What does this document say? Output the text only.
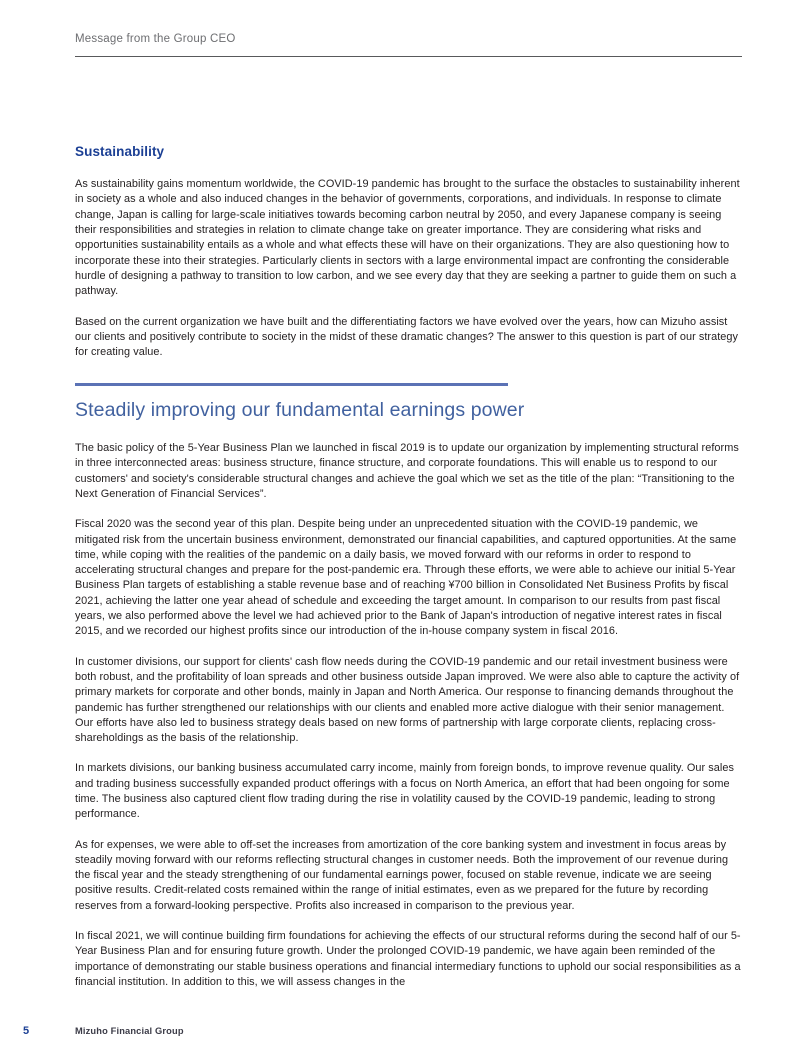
Message from the Group CEO
Sustainability

As sustainability gains momentum worldwide, the COVID-19 pandemic has brought to the surface the obstacles to sustainability inherent in society as a whole and also induced changes in the behavior of governments, corporations, and individuals. In response to climate change, Japan is calling for large-scale initiatives towards becoming carbon neutral by 2050, and every Japanese company is seeing their responsibilities and strategies in relation to climate change take on greater importance. They are considering what risks and opportunities sustainability entails as a whole and what effects these will have on their organizations. They are also questioning how to incorporate these into their strategies. Particularly clients in sectors with a large environmental impact are confronting the considerable hurdle of designing a pathway to transition to low carbon, and we see every day that they are seeking a partner to guide them on such a pathway.

Based on the current organization we have built and the differentiating factors we have evolved over the years, how can Mizuho assist our clients and positively contribute to society in the midst of these dramatic changes? The answer to this question is part of our strategy for creating value.

Steadily improving our fundamental earnings power

The basic policy of the 5-Year Business Plan we launched in fiscal 2019 is to update our organization by implementing structural reforms in three interconnected areas: business structure, finance structure, and corporate foundations. This will enable us to respond to our customers' and society's considerable structural changes and achieve the goal which we set as the title of the plan: “Transitioning to the Next Generation of Financial Services”.

Fiscal 2020 was the second year of this plan. Despite being under an unprecedented situation with the COVID-19 pandemic, we mitigated risk from the uncertain business environment, demonstrated our financial capabilities, and captured opportunities. At the same time, while coping with the realities of the pandemic on a daily basis, we moved forward with our reforms in order to respond to accelerating structural changes and prepare for the post-pandemic era. Through these efforts, we were able to achieve our initial 5-Year Business Plan targets of establishing a stable revenue base and of reaching ¥700 billion in Consolidated Net Business Profits by fiscal 2021, achieving the latter one year ahead of schedule and exceeding the target amount. In comparison to our results from past fiscal years, we also performed above the level we had achieved prior to the Bank of Japan's introduction of negative interest rates in fiscal 2015, and we recorded our highest profits since our introduction of the in-house company system in fiscal 2016.

In customer divisions, our support for clients' cash flow needs during the COVID-19 pandemic and our retail investment business were both robust, and the profitability of loan spreads and other business outside Japan improved. We were also able to capture the activity of primary markets for corporate and other bonds, mainly in Japan and North America. Our response to financing demands throughout the pandemic has further strengthened our relationships with our clients and enabled more active dialogue with their senior management. Our efforts have also led to business strategy deals based on new forms of partnership with large corporate clients, replacing cross-shareholdings as the basis of the relationship.

In markets divisions, our banking business accumulated carry income, mainly from foreign bonds, to improve revenue quality. Our sales and trading business successfully expanded product offerings with a focus on North America, an effort that had been ongoing for some time. The business also captured client flow trading during the rise in volatility caused by the COVID-19 pandemic, leading to strong performance.

As for expenses, we were able to off-set the increases from amortization of the core banking system and investment in focus areas by steadily moving forward with our reforms reflecting structural changes in customer needs. Both the improvement of our revenue during the fiscal year and the steady strengthening of our fundamental earnings power, focused on stable revenue, indicate we are seeing positive results. Credit-related costs remained within the range of initial estimates, even as we prepared for the future by recording reserves from a forward-looking perspective. Profits also increased in comparison to the previous year.

In fiscal 2021, we will continue building firm foundations for achieving the effects of our structural reforms during the second half of our 5-Year Business Plan and for ensuring future growth. Under the prolonged COVID-19 pandemic, we have again been reminded of the importance of demonstrating our stable business operations and financial intermediary functions to uphold our social responsibilities as a financial institution. In addition to this, we will assess changes in the

5	Mizuho Financial Group
